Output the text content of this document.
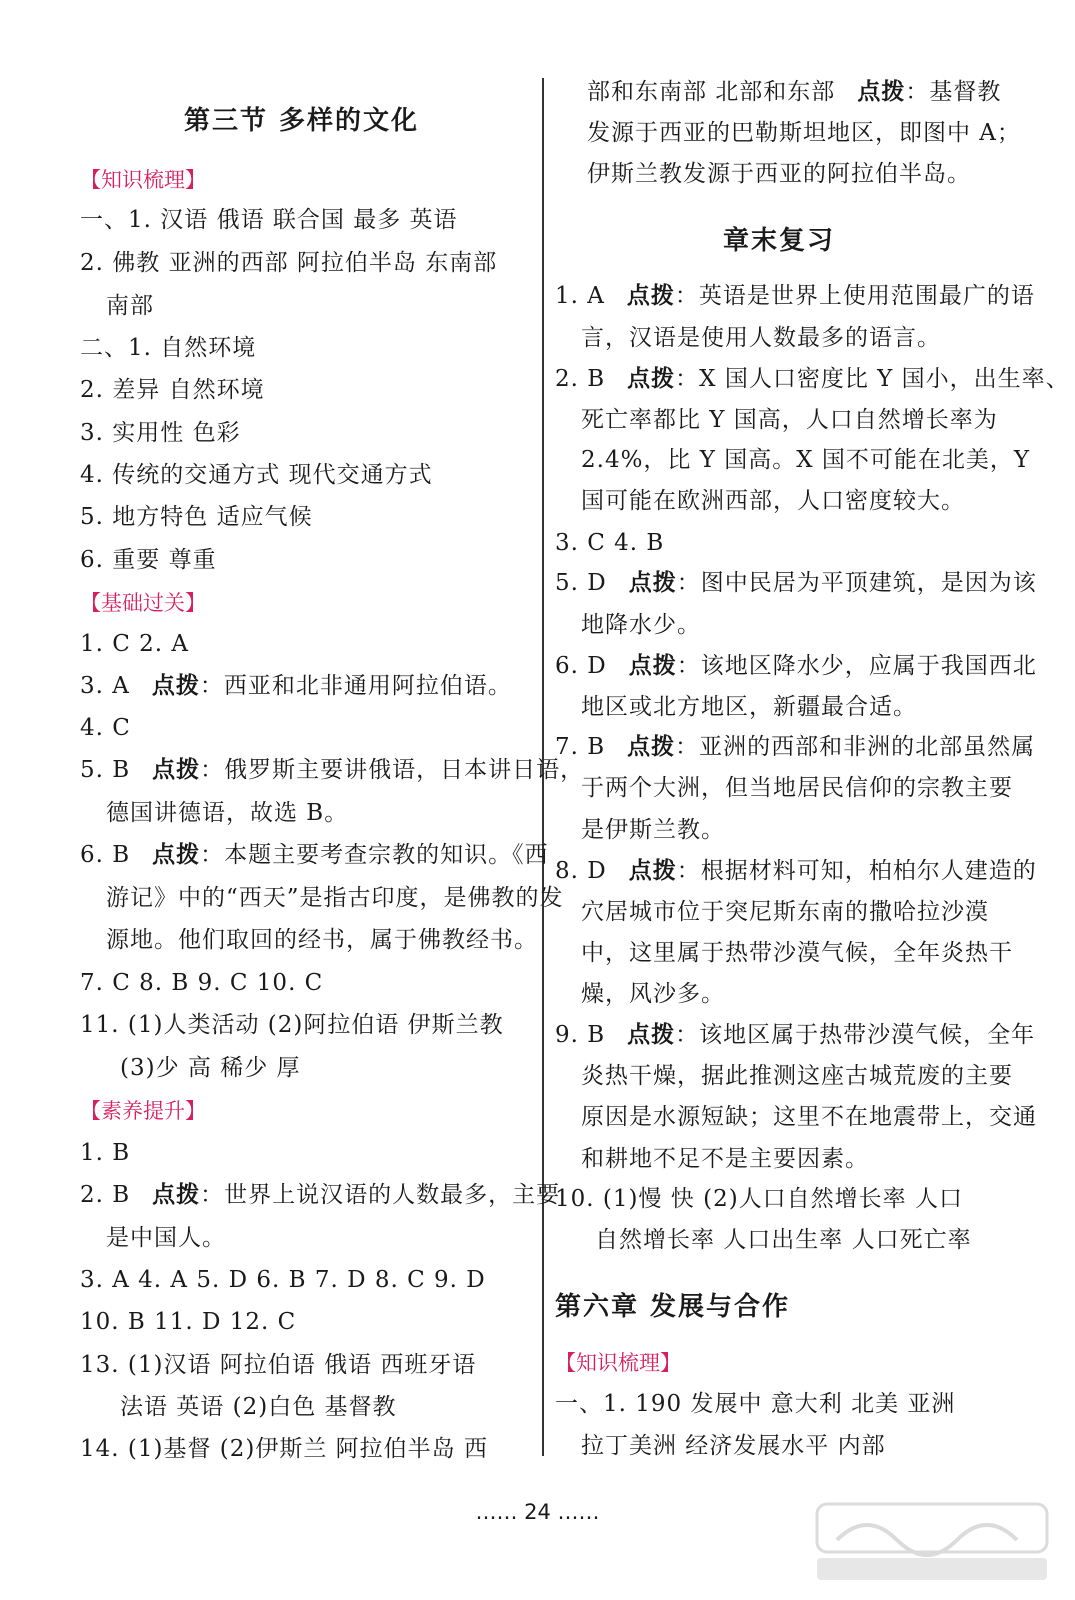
第三节 多样的文化
【 知识梳理 】
一、1. 汉语 俄语 联合国 最多 英语
2. 佛教 亚洲的西部 阿拉伯半岛 东南部
南部
二、1. 自然环境
2. 差异 自然环境
3. 实用性 色彩
4. 传统的交通方式 现代交通方式
5. 地方特色 适应气候
6. 重要 尊重
【 基础过关 】
1. C 2. A
3. A 点拨：西亚和北非通用阿拉伯语。
4. C
5. B 点拨：俄罗斯主要讲俄语，日本讲日语，
德国讲德语，故选 B。
6. B 点拨：本题主要考查宗教的知识。《西
游记》中的“西天”是指古印度，是佛教的发
源地。他们取回的经书，属于佛教经书。
7. C 8. B 9. C 10. C
11. (1)人类活动 (2)阿拉伯语 伊斯兰教
(3)少 高 稀少 厚
【 素养提升 】
1. B
2. B 点拨：世界上说汉语的人数最多，主要
是中国人。
3. A 4. A 5. D 6. B 7. D 8. C 9. D
10. B 11. D 12. C
13. (1)汉语 阿拉伯语 俄语 西班牙语
法语 英语 (2)白色 基督教
14. (1)基督 (2)伊斯兰 阿拉伯半岛 西
部和东南部 北部和东部 点拨：基督教
发源于西亚的巴勒斯坦地区，即图中 A；
伊斯兰教发源于西亚的阿拉伯半岛。
章末复习
1. A 点拨：英语是世界上使用范围最广的语
言，汉语是使用人数最多的语言。
2. B 点拨：X 国人口密度比 Y 国小，出生率、
死亡率都比 Y 国高，人口自然增长率为
2.4%，比 Y 国高。X 国不可能在北美，Y
国可能在欧洲西部，人口密度较大。
3. C 4. B
5. D 点拨：图中民居为平顶建筑，是因为该
地降水少。
6. D 点拨：该地区降水少，应属于我国西北
地区或北方地区，新疆最合适。
7. B 点拨：亚洲的西部和非洲的北部虽然属
于两个大洲，但当地居民信仰的宗教主要
是伊斯兰教。
8. D 点拨：根据材料可知，柏柏尔人建造的
穴居城市位于突尼斯东南的撒哈拉沙漠
中，这里属于热带沙漠气候，全年炎热干
燥，风沙多。
9. B 点拨：该地区属于热带沙漠气候，全年
炎热干燥，据此推测这座古城荒废的主要
原因是水源短缺；这里不在地震带上，交通
和耕地不足不是主要因素。
10. (1)慢 快 (2)人口自然增长率 人口
自然增长率 人口出生率 人口死亡率
第六章 发展与合作
【 知识梳理 】
一、1. 190 发展中 意大利 北美 亚洲
拉丁美洲 经济发展水平 内部
…… 24 ……
